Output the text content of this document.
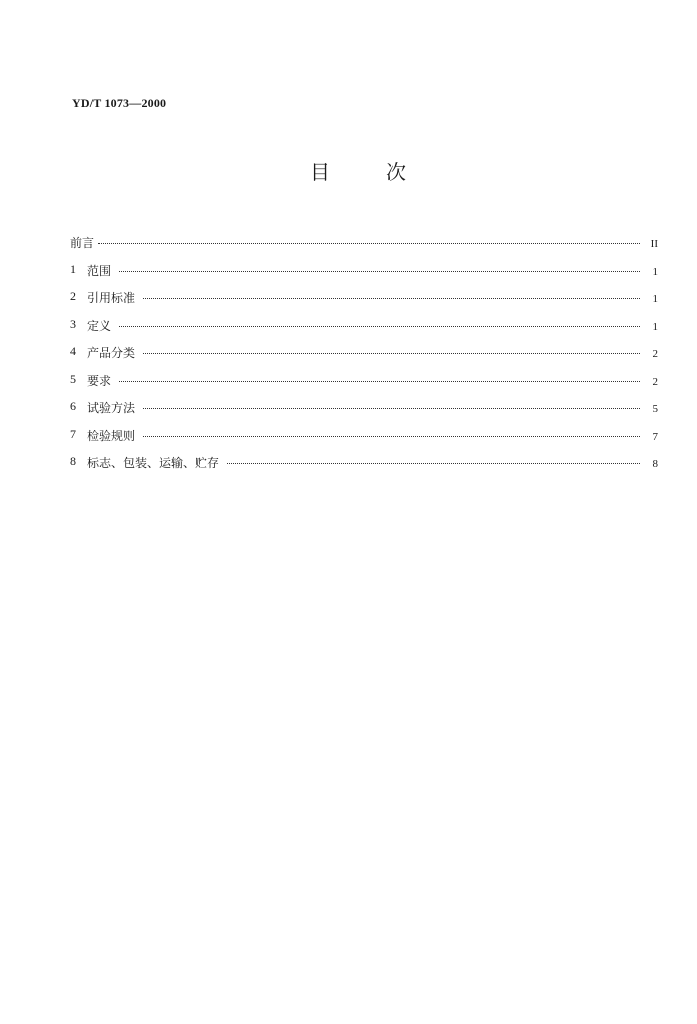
YD/T 1073—2000
目	次
前言	II
1 范围	1
2 引用标准	1
3 定义	1
4 产品分类	2
5 要求	2
6 试验方法	5
7 检验规则	7
8 标志、包装、运输、贮存	8
